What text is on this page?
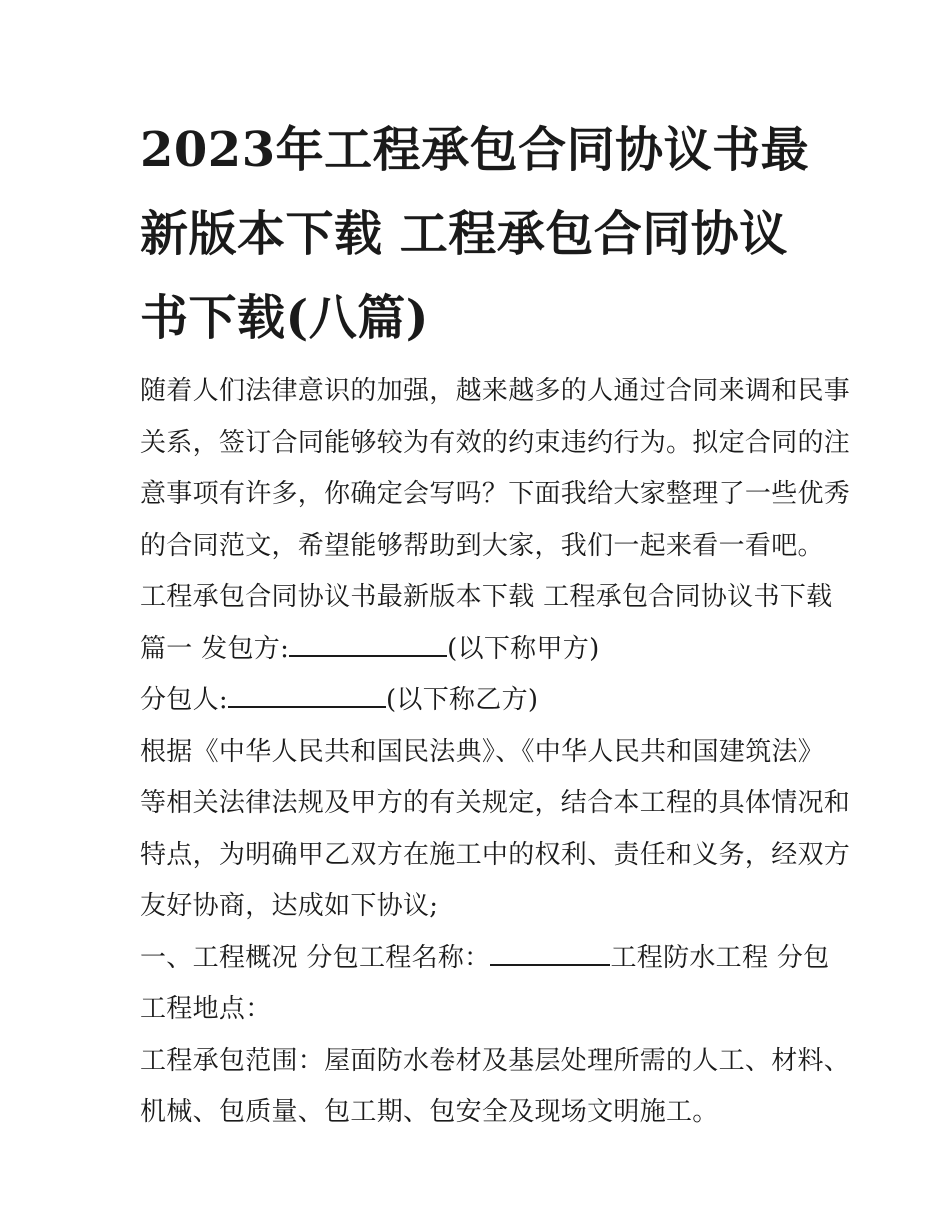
2023年工程承包合同协议书最
新版本下载 工程承包合同协议
书下载(八篇)
随着人们法律意识的加强，越来越多的人通过合同来调和民事
关系，签订合同能够较为有效的约束违约行为。拟定合同的注
意事项有许多，你确定会写吗？下面我给大家整理了一些优秀
的合同范文，希望能够帮助到大家，我们一起来看一看吧。
工程承包合同协议书最新版本下载 工程承包合同协议书下载
篇一 发包方:	(以下称甲方)
分包人:	(以下称乙方)
根据《中华人民共和国民法典》、《中华人民共和国建筑法》
等相关法律法规及甲方的有关规定，结合本工程的具体情况和
特点，为明确甲乙双方在施工中的权利、责任和义务，经双方
友好协商，达成如下协议;
一、工程概况 分包工程名称：	工程防水工程 分包
工程地点：
工程承包范围：屋面防水卷材及基层处理所需的人工、材料、
机械、包质量、包工期、包安全及现场文明施工。
